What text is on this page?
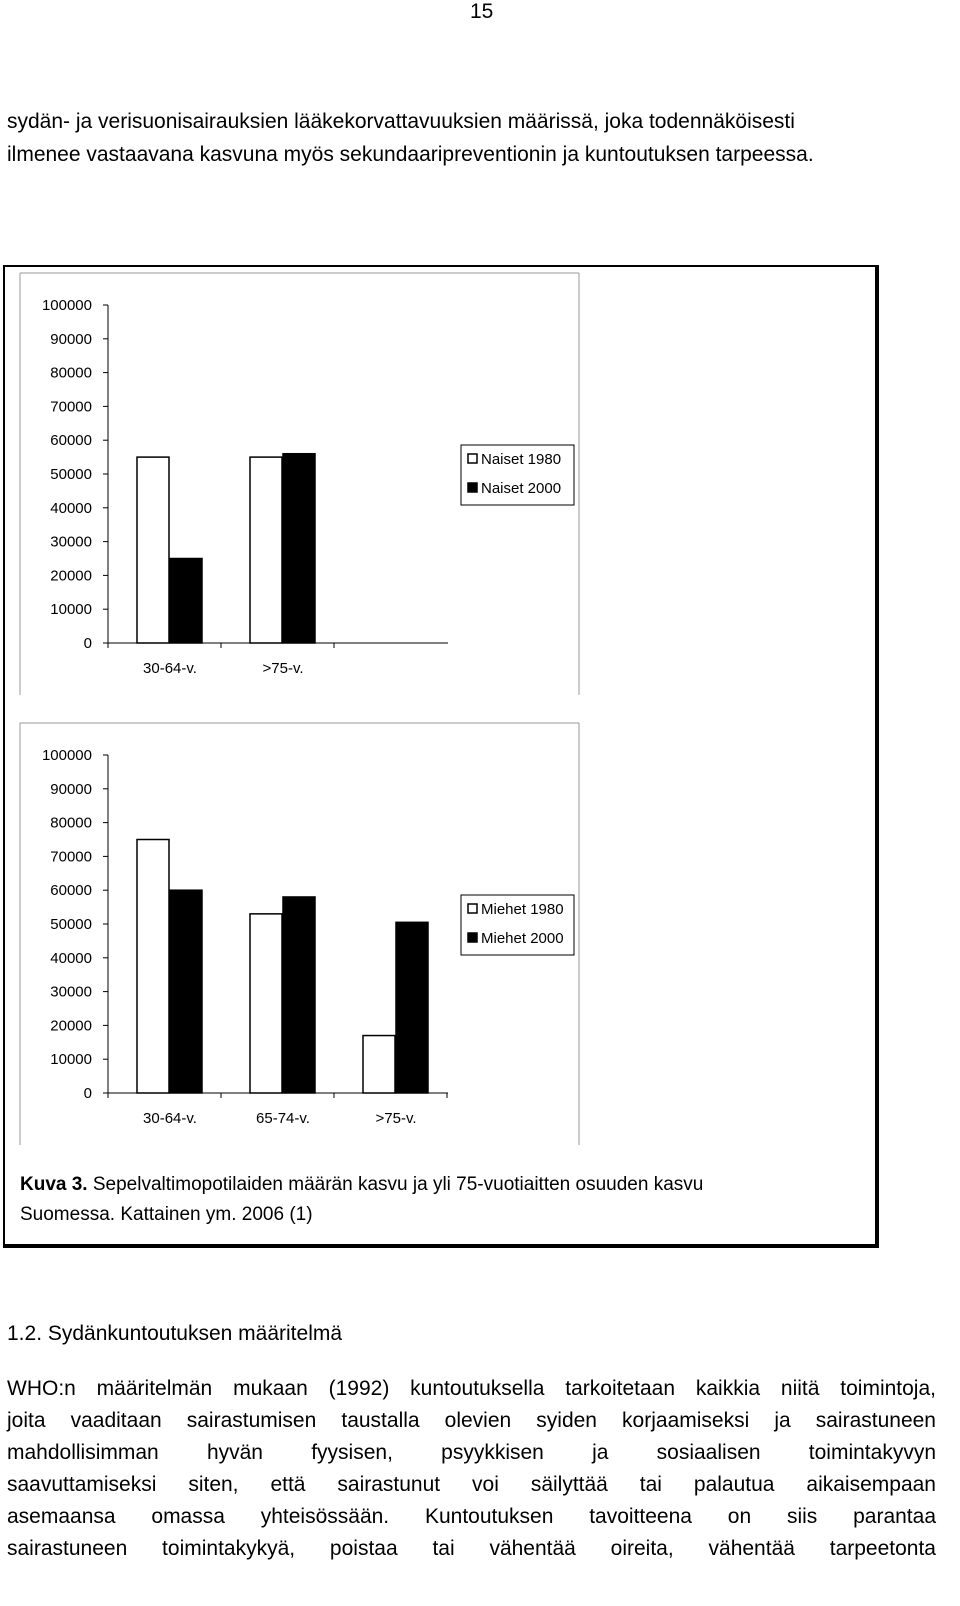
15

sydän- ja verisuonisairauksien lääkekorvattavuuksien määrissä, joka todennäköisesti

ilmenee vastaavana kasvuna myös sekundaaripreventionin ja kuntoutuksen tarpeessa.

0
10000
20000
30000
40000
50000
60000
70000
80000
90000
100000
30-64-v.	>75-v.
Naiset 1980
Naiset 2000
0
10000
20000
30000
40000
50000
60000
70000
80000
90000
100000
30-64-v.	65-74-v.	>75-v.
Miehet 1980
Miehet 2000
Kuva 3. Sepelvaltimopotilaiden määrän kasvu ja yli 75-vuotiaitten osuuden kasvu
Suomessa. Kattainen ym. 2006 (1)
1.2. Sydänkuntoutuksen määritelmä
WHO:n määritelmän mukaan (1992) kuntoutuksella tarkoitetaan kaikkia niitä toimintoja,
joita vaaditaan sairastumisen taustalla olevien syiden korjaamiseksi ja sairastuneen
mahdollisimman hyvän fyysisen, psyykkisen ja sosiaalisen toimintakyvyn
saavuttamiseksi siten, että sairastunut voi säilyttää tai palautua aikaisempaan
asemaansa omassa yhteisössään. Kuntoutuksen tavoitteena on siis parantaa
sairastuneen toimintakykyä, poistaa tai vähentää oireita, vähentää tarpeetonta
